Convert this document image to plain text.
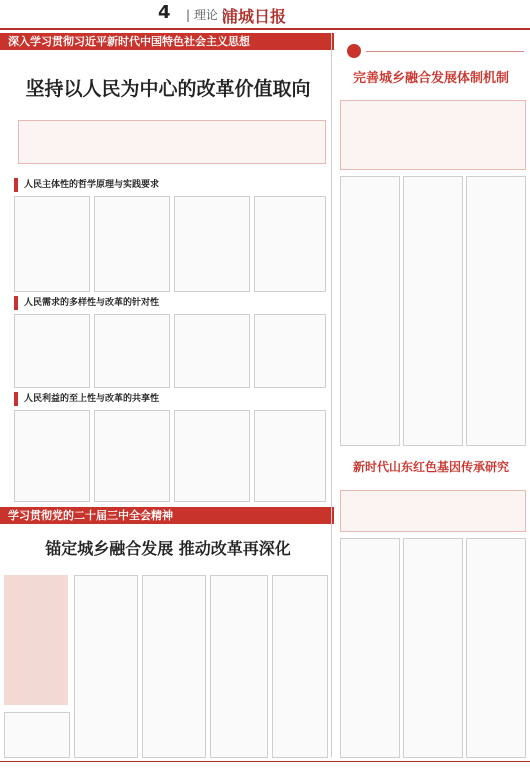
4 | 理论 |
浦城日报
深入学习贯彻习近平新时代中国特色社会主义思想
坚持以人民为中心的改革价值取向
人民主体性的哲学原理与实践要求
人民需求的多样性与改革的针对性
人民利益的至上性与改革的共享性
学习贯彻党的二十届三中全会精神
锚定城乡融合发展 推动改革再深化
完善城乡融合发展体制机制
新时代山东红色基因传承研究
